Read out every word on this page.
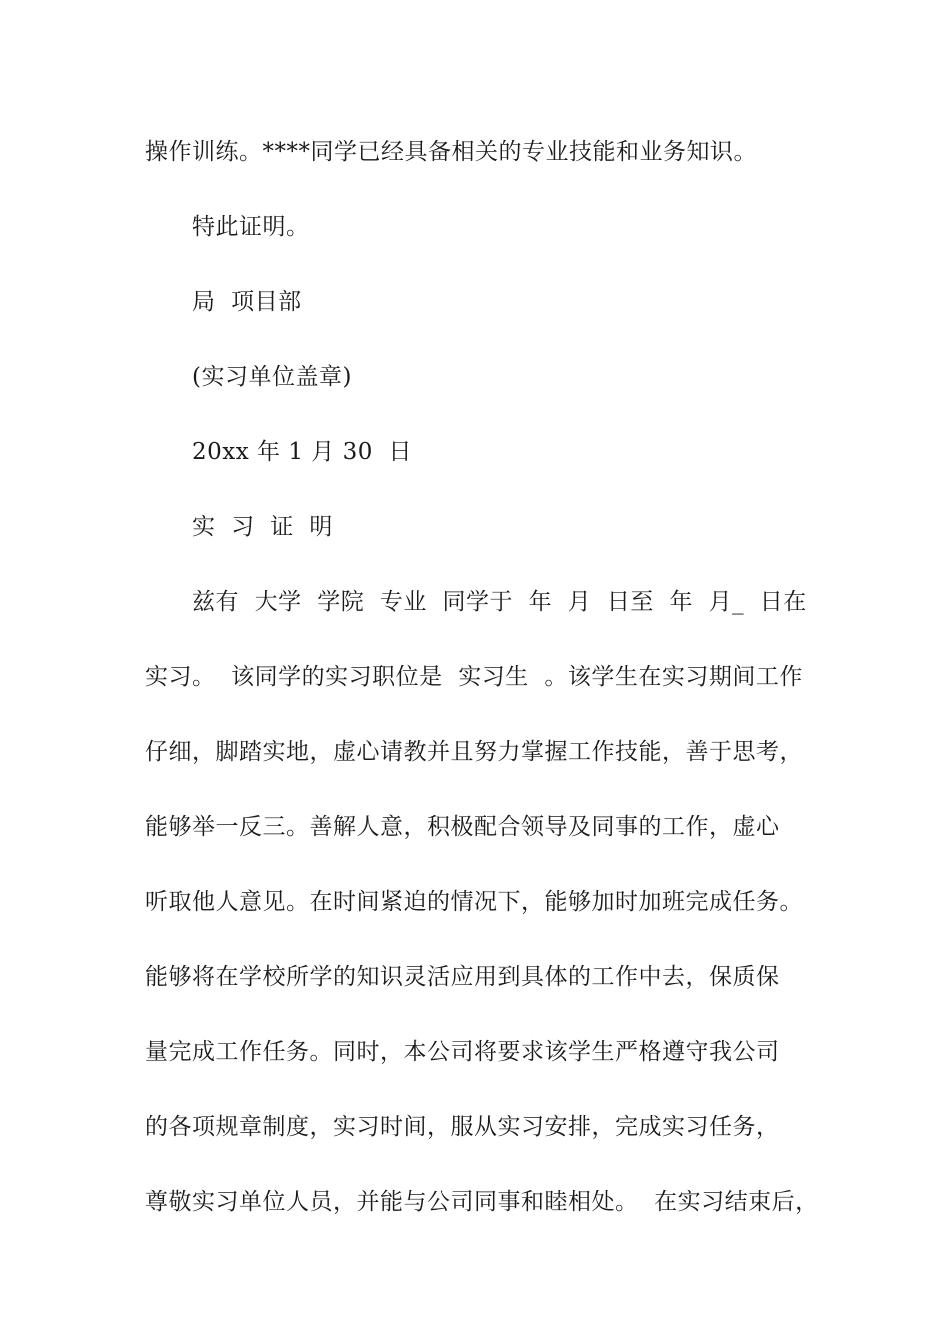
操作训练。****同学已经具备相关的专业技能和业务知识。
特此证明。
局  项目部
(实习单位盖章)
20xx 年 1 月 30  日
实  习  证  明
兹有  大学  学院  专业  同学于  年  月  日至  年  月_  日在
实习。  该同学的实习职位是  实习生  。该学生在实习期间工作
仔细，脚踏实地，虚心请教并且努力掌握工作技能，善于思考，
能够举一反三。善解人意，积极配合领导及同事的工作，虚心
听取他人意见。在时间紧迫的情况下，能够加时加班完成任务。
能够将在学校所学的知识灵活应用到具体的工作中去，保质保
量完成工作任务。同时，本公司将要求该学生严格遵守我公司
的各项规章制度，实习时间，服从实习安排，完成实习任务，
尊敬实习单位人员，并能与公司同事和睦相处。  在实习结束后，
